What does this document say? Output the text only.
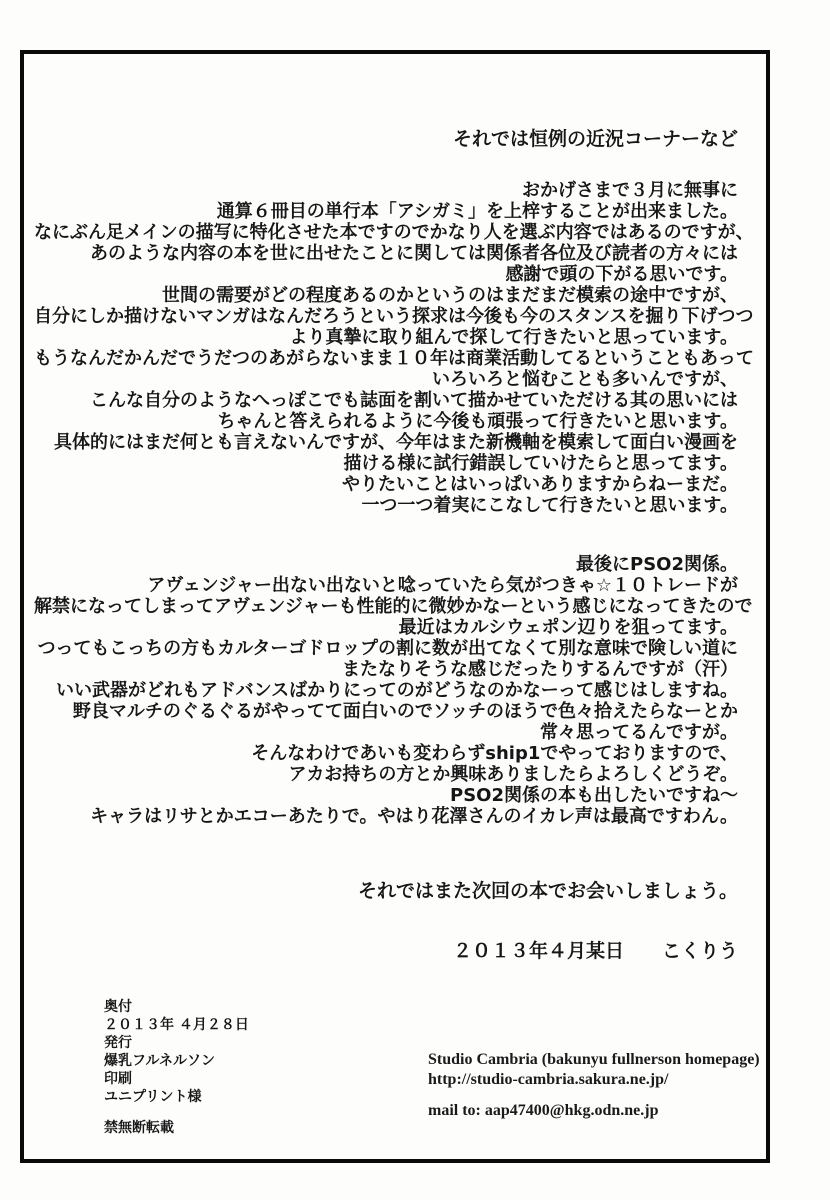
それでは恒例の近況コーナーなど
おかげさまで３月に無事に
通算６冊目の単行本「アシガミ」を上梓することが出来ました。
なにぶん足メインの描写に特化させた本ですのでかなり人を選ぶ内容ではあるのですが、
あのような内容の本を世に出せたことに関しては関係者各位及び読者の方々には
感謝で頭の下がる思いです。
世間の需要がどの程度あるのかというのはまだまだ模索の途中ですが、
自分にしか描けないマンガはなんだろうという探求は今後も今のスタンスを掘り下げつつ
より真摯に取り組んで探して行きたいと思っています。
もうなんだかんだでうだつのあがらないまま１０年は商業活動してるということもあって
いろいろと悩むことも多いんですが、
こんな自分のようなへっぽこでも誌面を割いて描かせていただける其の思いには
ちゃんと答えられるように今後も頑張って行きたいと思います。
具体的にはまだ何とも言えないんですが、今年はまた新機軸を模索して面白い漫画を
描ける様に試行錯誤していけたらと思ってます。
やりたいことはいっぱいありますからねーまだ。
一つ一つ着実にこなして行きたいと思います。
最後にPSO2関係。
アヴェンジャー出ない出ないと唸っていたら気がつきゃ☆１０トレードが
解禁になってしまってアヴェンジャーも性能的に微妙かなーという感じになってきたので
最近はカルシウェポン辺りを狙ってます。
つってもこっちの方もカルターゴドロップの割に数が出てなくて別な意味で険しい道に
またなりそうな感じだったりするんですが（汗）
いい武器がどれもアドバンスばかりにってのがどうなのかなーって感じはしますね。
野良マルチのぐるぐるがやってて面白いのでソッチのほうで色々拾えたらなーとか
常々思ってるんですが。
そんなわけであいも変わらずship1でやっておりますので、
アカお持ちの方とか興味ありましたらよろしくどうぞ。
PSO2関係の本も出したいですね～
キャラはリサとかエコーあたりで。やはり花澤さんのイカレ声は最高ですわん。
それではまた次回の本でお会いしましょう。
２０１３年４月某日　　こくりう
奥付
２０１３年 ４月２８日
発行
爆乳フルネルソン
印刷
ユニプリント様
禁無断転載
Studio Cambria (bakunyu fullnerson homepage)
http://studio-cambria.sakura.ne.jp/
mail to: aap47400@hkg.odn.ne.jp
